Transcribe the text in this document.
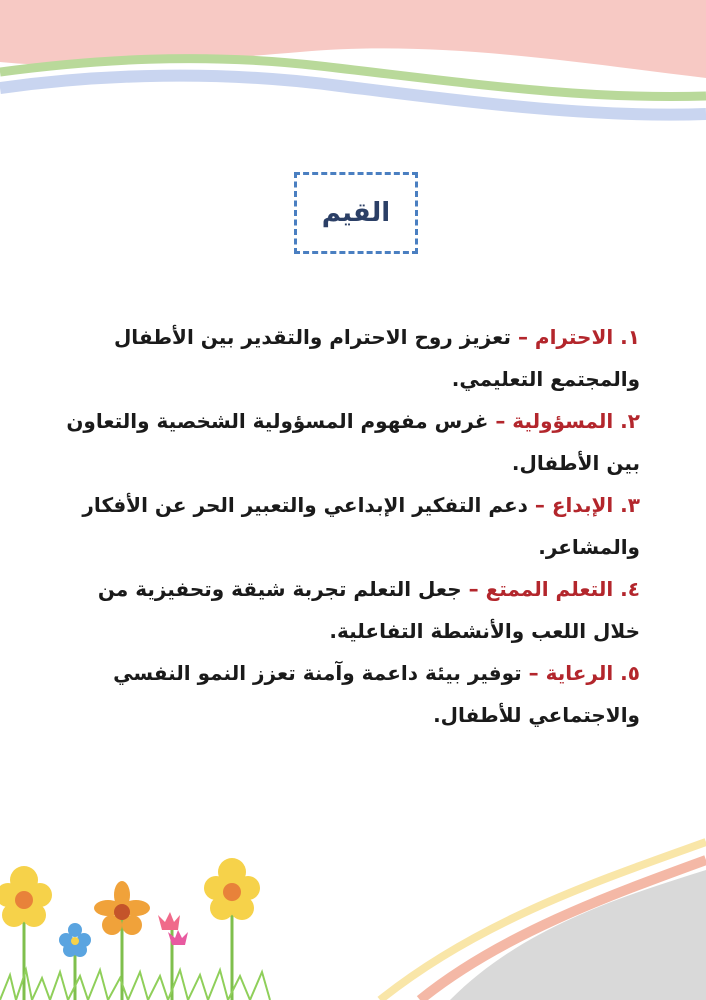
القيم
١. الاحترام – تعزيز روح الاحترام والتقدير بين الأطفال والمجتمع التعليمي.
٢. المسؤولية – غرس مفهوم المسؤولية الشخصية والتعاون بين الأطفال.
٣. الإبداع – دعم التفكير الإبداعي والتعبير الحر عن الأفكار والمشاعر.
٤. التعلم الممتع – جعل التعلم تجربة شيقة وتحفيزية من خلال اللعب والأنشطة التفاعلية.
٥. الرعاية – توفير بيئة داعمة وآمنة تعزز النمو النفسي والاجتماعي للأطفال.
